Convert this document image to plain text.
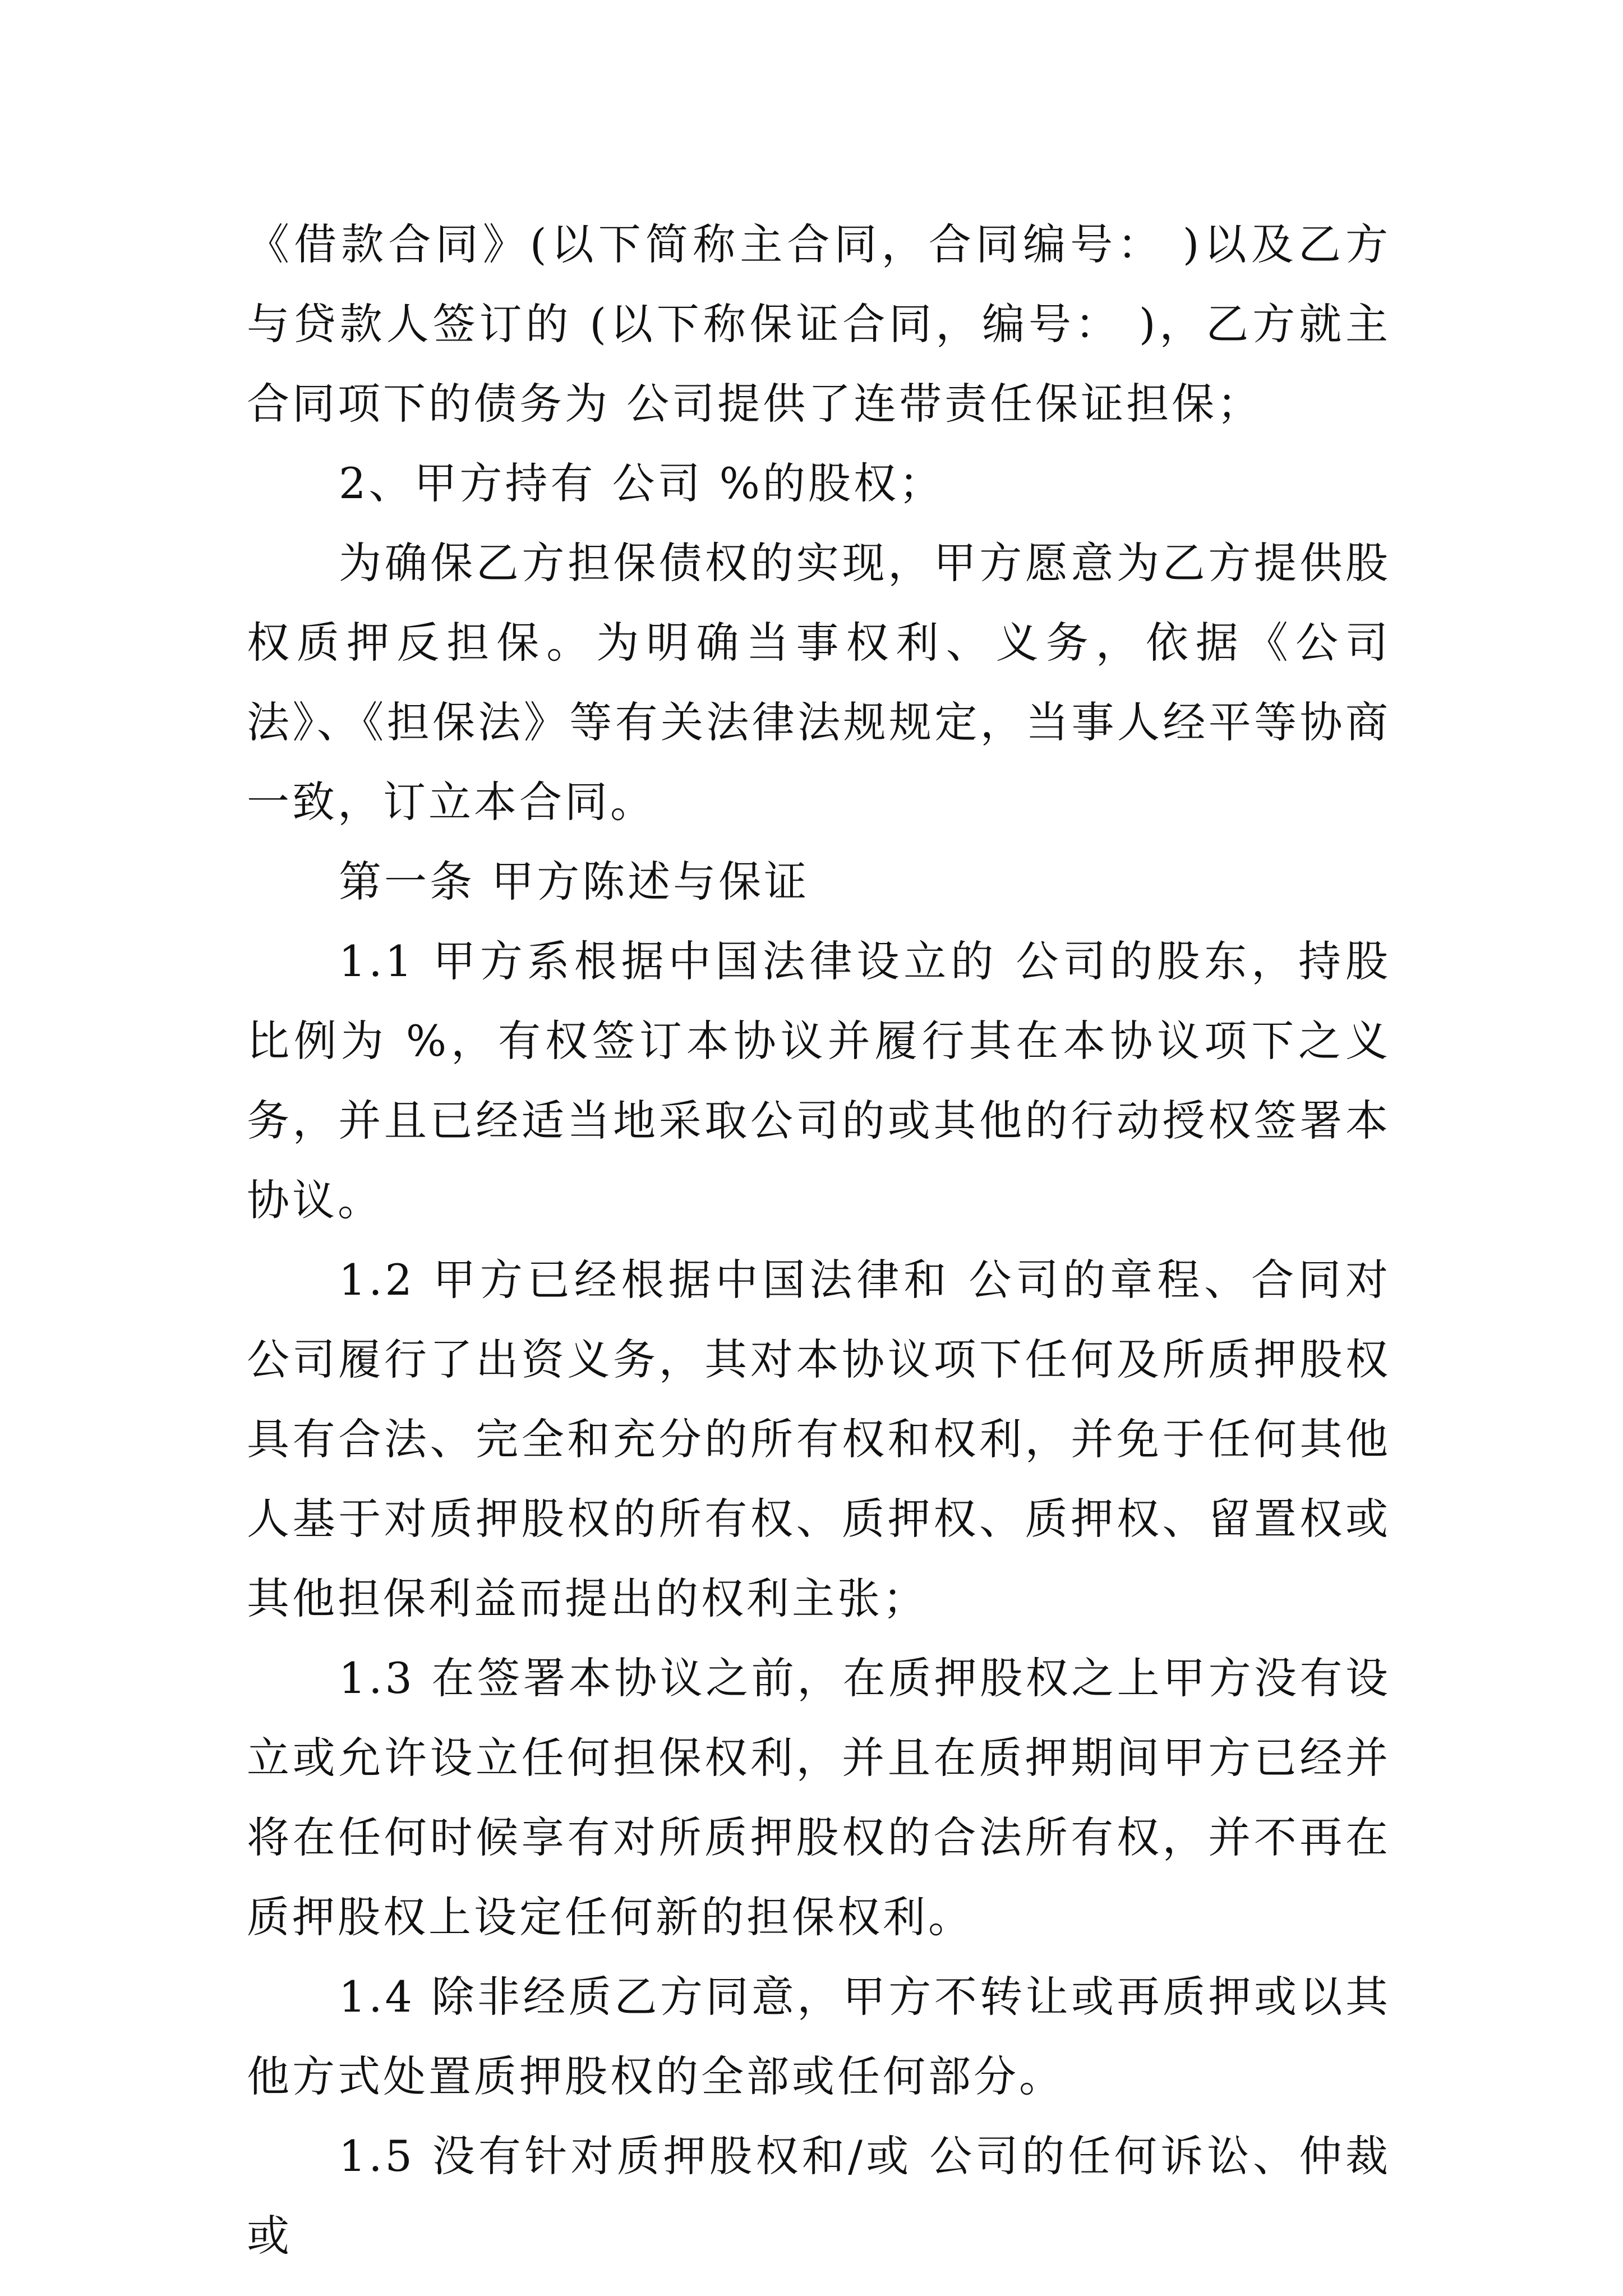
《借款合同》(以下简称主合同，合同编号： )以及乙方与贷款人签订的 (以下称保证合同，编号： )，乙方就主合同项下的债务为 公司提供了连带责任保证担保；

2、甲方持有 公司 %的股权；

为确保乙方担保债权的实现，甲方愿意为乙方提供股权质押反担保。为明确当事权利、义务，依据《公司法》、《担保法》等有关法律法规规定，当事人经平等协商一致，订立本合同。

第一条 甲方陈述与保证

1.1 甲方系根据中国法律设立的 公司的股东，持股比例为 %，有权签订本协议并履行其在本协议项下之义务，并且已经适当地采取公司的或其他的行动授权签署本协议。

1.2 甲方已经根据中国法律和 公司的章程、合同对 公司履行了出资义务，其对本协议项下任何及所质押股权具有合法、完全和充分的所有权和权利，并免于任何其他人基于对质押股权的所有权、质押权、质押权、留置权或其他担保利益而提出的权利主张；

1.3 在签署本协议之前，在质押股权之上甲方没有设立或允许设立任何担保权利，并且在质押期间甲方已经并将在任何时候享有对所质押股权的合法所有权，并不再在质押股权上设定任何新的担保权利。

1.4 除非经质乙方同意，甲方不转让或再质押或以其他方式处置质押股权的全部或任何部分。

1.5 没有针对质押股权和/或 公司的任何诉讼、仲裁或
